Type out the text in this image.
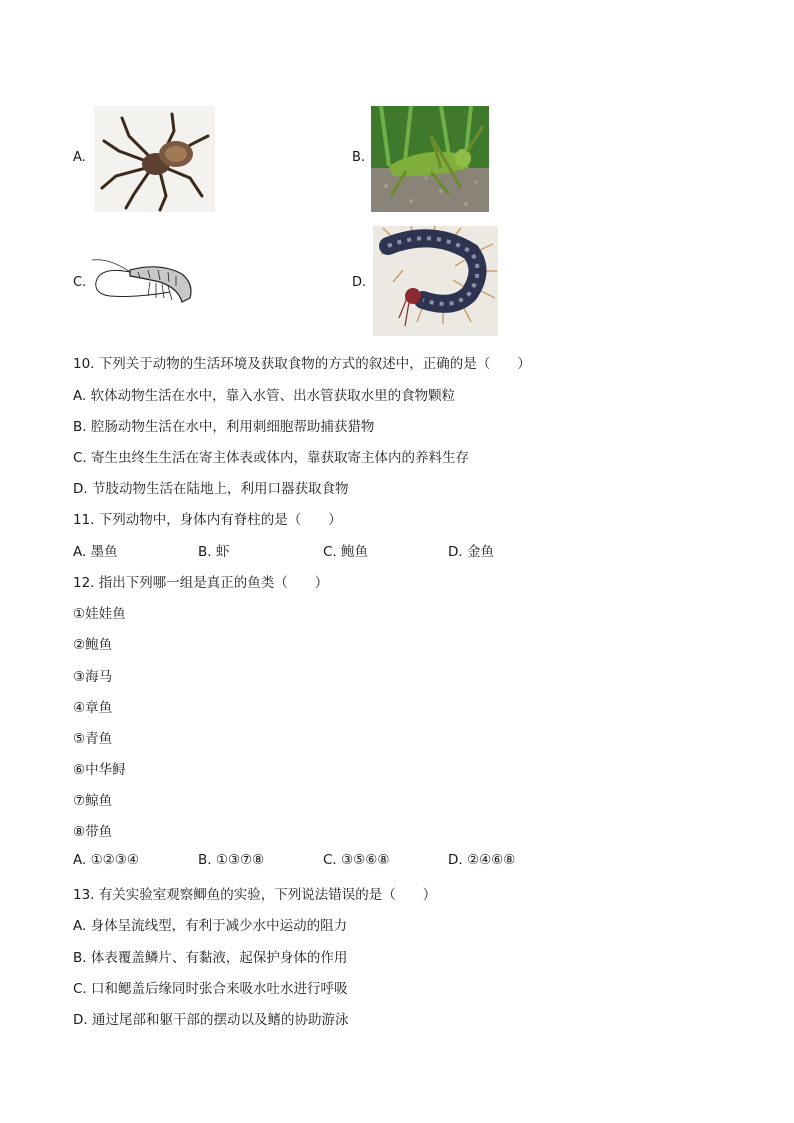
A.	B.
C.	D.
10. 下列关于动物的生活环境及获取食物的方式的叙述中，正确的是（　　）
A. 软体动物生活在水中，靠入水管、出水管获取水里的食物颗粒
B. 腔肠动物生活在水中，利用刺细胞帮助捕获猎物
C. 寄生虫终生生活在寄主体表或体内，靠获取寄主体内的养料生存
D. 节肢动物生活在陆地上，利用口器获取食物
11. 下列动物中，身体内有脊柱的是（　　）
A. 墨鱼	B. 虾	C. 鲍鱼	D. 金鱼
12. 指出下列哪一组是真正的鱼类（　　）
①娃娃鱼
②鲍鱼
③海马
④章鱼
⑤青鱼
⑥中华鲟
⑦鲸鱼
⑧带鱼
A. ①②③④	B. ①③⑦⑧	C. ③⑤⑥⑧	D. ②④⑥⑧
13. 有关实验室观察鲫鱼的实验，下列说法错误的是（　　）
A. 身体呈流线型，有利于减少水中运动的阻力
B. 体表覆盖鳞片、有黏液，起保护身体的作用
C. 口和鳃盖后缘同时张合来吸水吐水进行呼吸
D. 通过尾部和躯干部的摆动以及鳍的协助游泳
